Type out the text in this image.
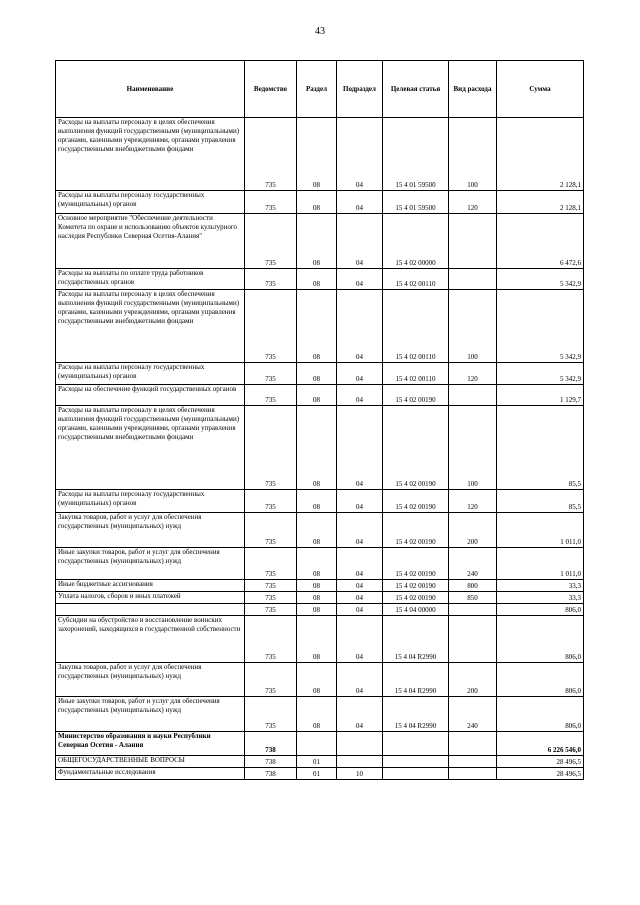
43
Наименование	Ведомство	Раздел	Подраздел	Целевая статья	Вид расхода	Сумма
Расходы на выплаты персоналу в целях обеспечения выполнения функций государственными (муниципальными) органами, казенными учреждениями, органами управления государственными внебюджетными фондами	735	08	04	15 4 01 59500	100	2 128,1
Расходы на выплаты персоналу государственных (муниципальных) органов	735	08	04	15 4 01 59500	120	2 128,1
Основное мероприятие "Обеспечение деятельности Комитета по охране и использованию объектов культурного наследия Республики Северная Осетия-Алания"	735	08	04	15 4 02 00000		6 472,6
Расходы на выплаты по оплате труда работников государственных органов	735	08	04	15 4 02 00110		5 342,9
Расходы на выплаты персоналу в целях обеспечения выполнения функций государственными (муниципальными) органами, казенными учреждениями, органами управления государственными внебюджетными фондами	735	08	04	15 4 02 00110	100	5 342,9
Расходы на выплаты персоналу государственных (муниципальных) органов	735	08	04	15 4 02 00110	120	5 342,9
Расходы на обеспечение функций государственных органов	735	08	04	15 4 02 00190		1 129,7
Расходы на выплаты персоналу в целях обеспечения выполнения функций государственными (муниципальными) органами, казенными учреждениями, органами управления государственными внебюджетными фондами	735	08	04	15 4 02 00190	100	85,5
Расходы на выплаты персоналу государственных (муниципальных) органов	735	08	04	15 4 02 00190	120	85,5
Закупка товаров, работ и услуг для обеспечения государственных (муниципальных) нужд	735	08	04	15 4 02 00190	200	1 011,0
Иные закупки товаров, работ и услуг для обеспечения государственных (муниципальных) нужд	735	08	04	15 4 02 00190	240	1 011,0
Иные бюджетные ассигнования	735	08	04	15 4 02 00190	800	33,3
Уплата налогов, сборов и иных платежей	735	08	04	15 4 02 00190	850	33,3
	735	08	04	15 4 04 00000		806,0
Субсидии на обустройство и восстановление воинских захоронений, находящихся в государственной собственности	735	08	04	15 4 04 R2990		806,0
Закупка товаров, работ и услуг для обеспечения государственных (муниципальных) нужд	735	08	04	15 4 04 R2990	200	806,0
Иные закупки товаров, работ и услуг для обеспечения государственных (муниципальных) нужд	735	08	04	15 4 04 R2990	240	806,0
Министерство образования и науки Республики Северная Осетия - Алания	738					6 226 546,0
ОБЩЕГОСУДАРСТВЕННЫЕ ВОПРОСЫ	738	01				28 496,5
Фундаментальные исследования	738	01	10			28 496,5
